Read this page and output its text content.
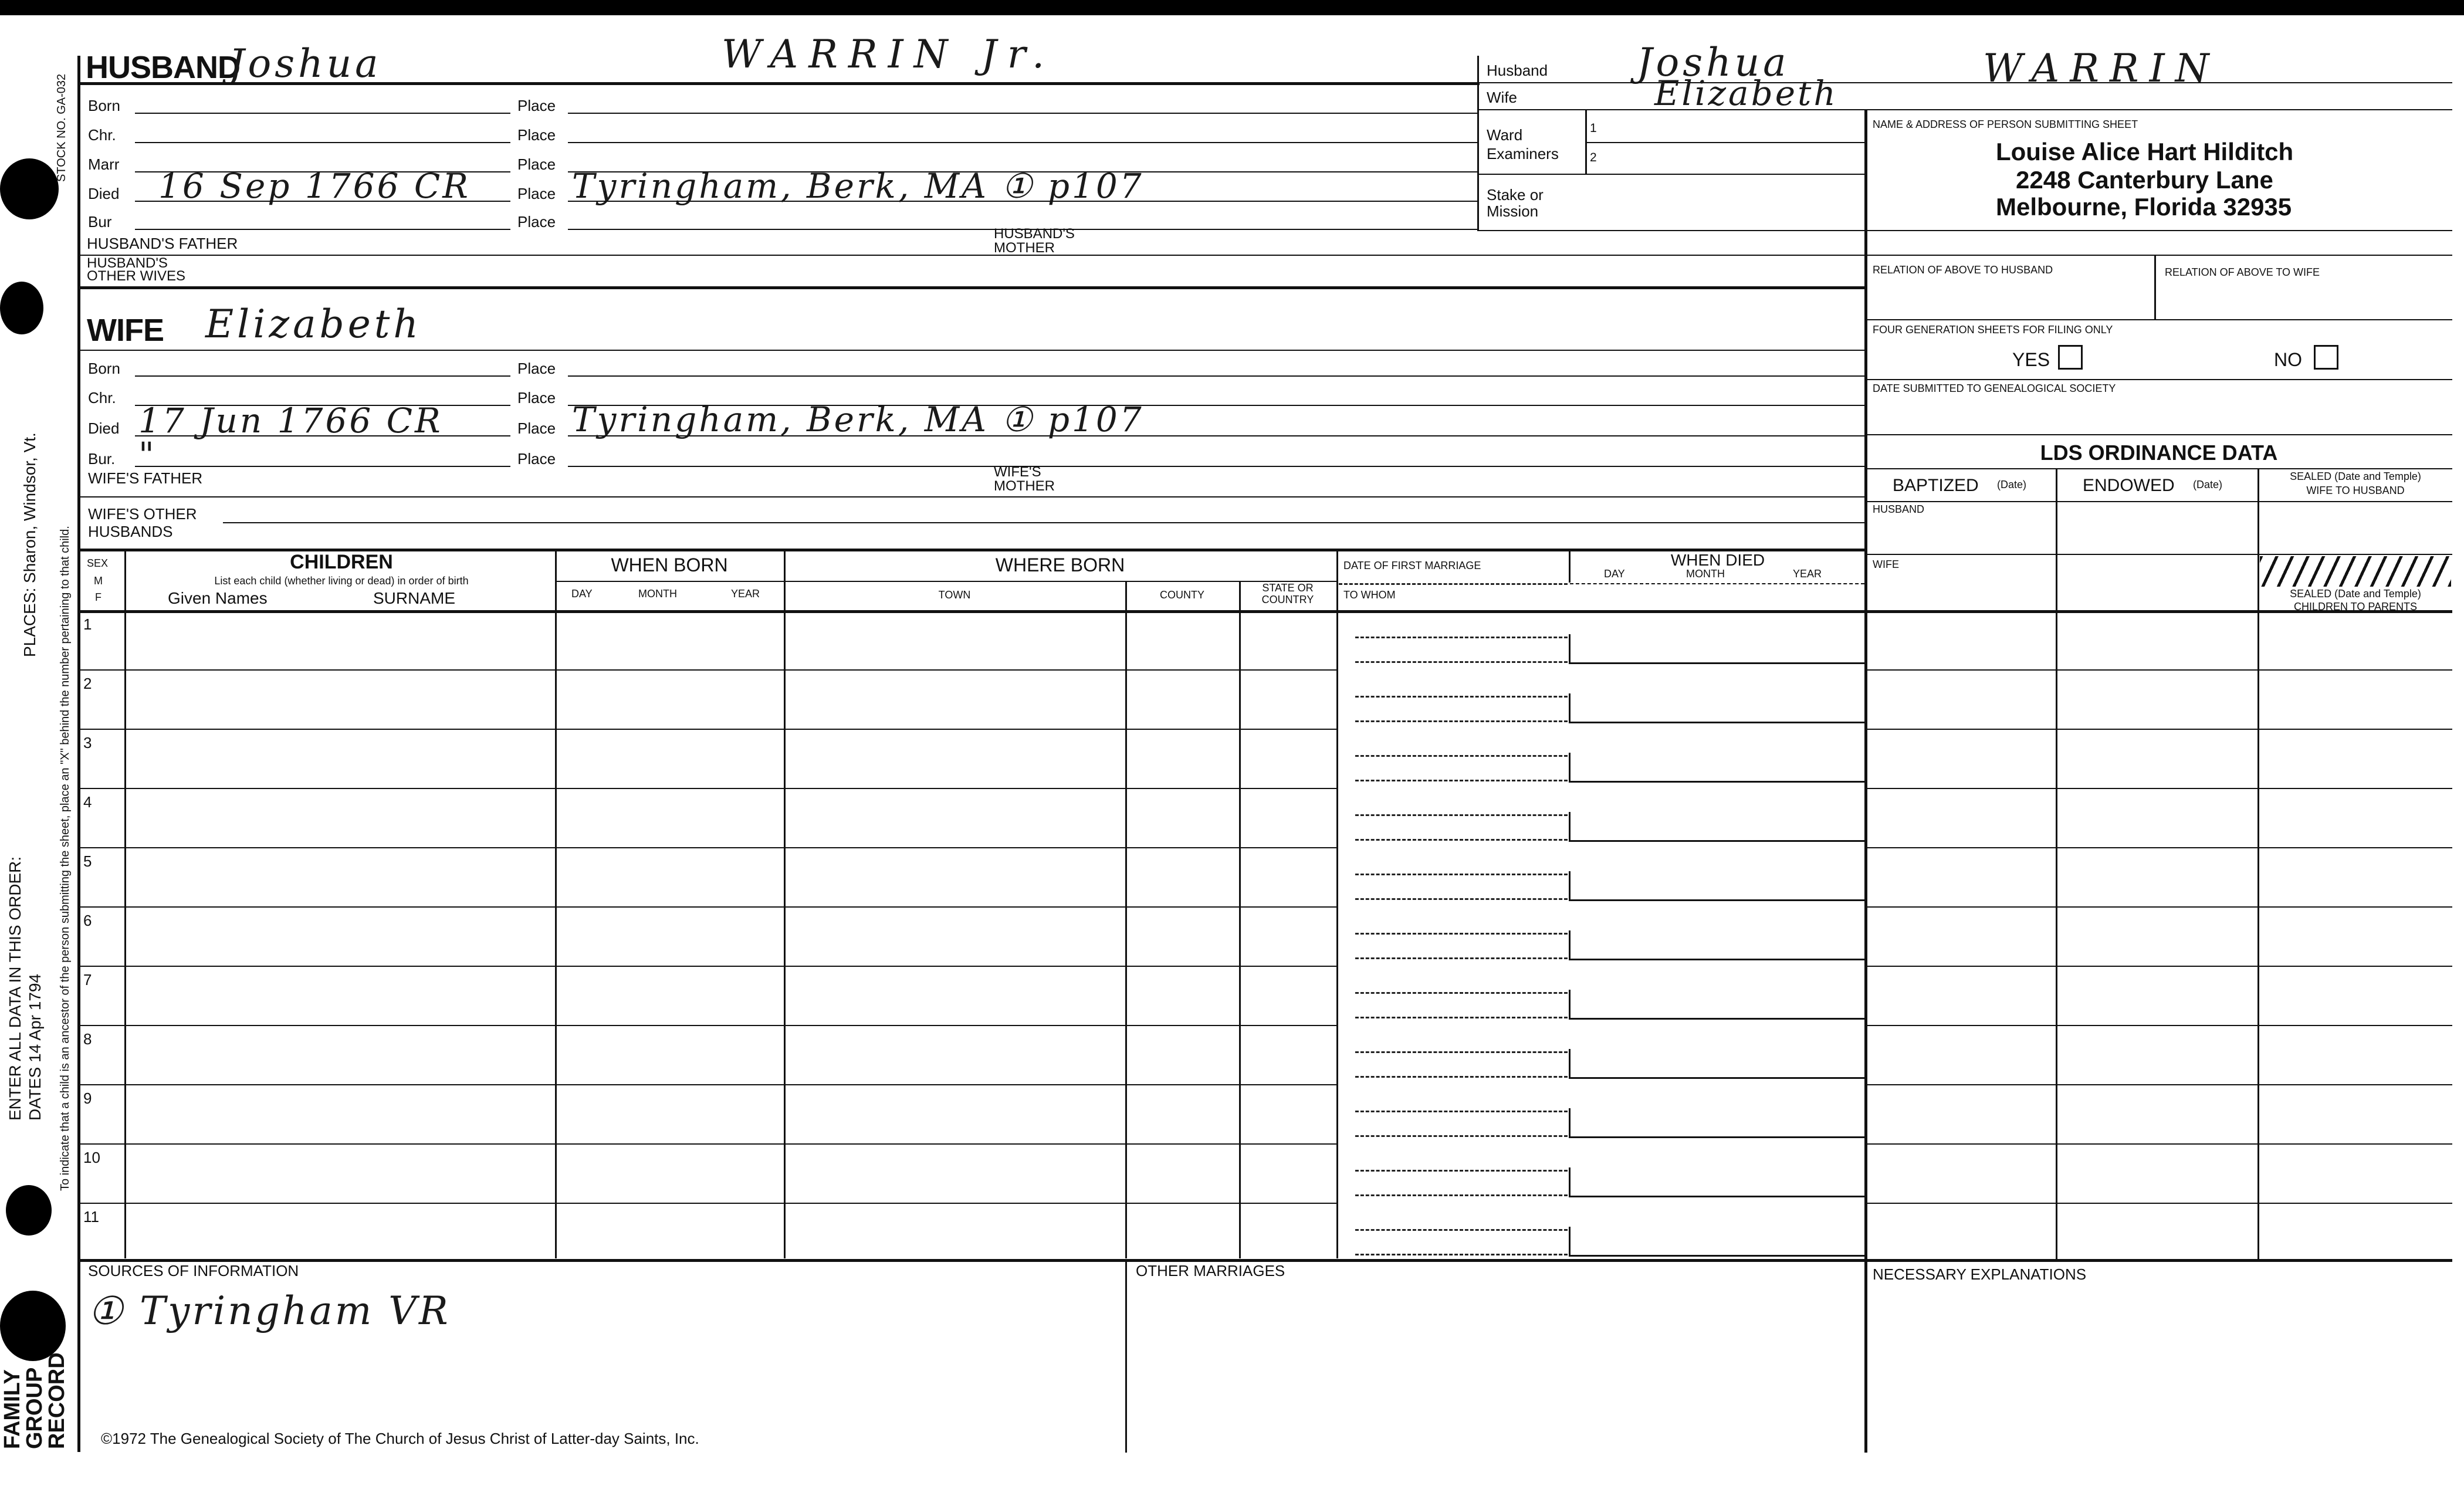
STOCK NO. GA-032
PLACES: Sharon, Windsor, Vt. To indicate that a child is an ancestor of the person submitting the sheet, place an "X" behind the number pertaining to that child.
ENTER ALL DATA IN THIS ORDER: DATES 14 Apr 1794
FAMILY
GROUP
RECORD
HUSBAND
Joshua	WARRIN Jr.
Born	Place
Chr.	Place
Marr	Place
Died 16 Sep 1766 CR	Place Tyringham, Berk, MA ① p107
Bur	Place
HUSBAND'S FATHER
HUSBAND'S
MOTHER
HUSBAND'S
OTHER WIVES
WIFE Elizabeth
Born	Place
Chr.	Place
Died 17 Jun 1766 CR	Place Tyringham, Berk, MA ① p107
Bur. "	Place
WIFE'S FATHER	WIFE'S
MOTHER
WIFE'S OTHER
HUSBANDS
Husband Joshua	WARRIN
Wife	Elizabeth
Ward
Examiners
1
2
Stake or
Mission
NAME & ADDRESS OF PERSON SUBMITTING SHEET
Louise Alice Hart Hilditch
2248 Canterbury Lane
Melbourne, Florida 32935
RELATION OF ABOVE TO HUSBAND	RELATION OF ABOVE TO WIFE
FOUR GENERATION SHEETS FOR FILING ONLY
YES	NO
DATE SUBMITTED TO GENEALOGICAL SOCIETY
LDS ORDINANCE DATA
BAPTIZED (Date)	ENDOWED (Date)
SEALED (Date and Temple)
WIFE TO HUSBAND
HUSBAND
WIFE
SEALED (Date and Temple)
CHILDREN TO PARENTS
SEX
M
F
CHILDREN
List each child (whether living or dead) in order of birth
Given Names	SURNAME
WHEN BORN
DAY	MONTH	YEAR
WHERE BORN
TOWN	COUNTY
STATE OR
COUNTRY
DATE OF FIRST MARRIAGE
TO WHOM
WHEN DIED
DAY	MONTH	YEAR
1
2
3
4
5
6
7
8
9
10
11
SOURCES OF INFORMATION
① Tyringham VR
OTHER MARRIAGES	NECESSARY EXPLANATIONS
©1972 The Genealogical Society of The Church of Jesus Christ of Latter-day Saints, Inc.
